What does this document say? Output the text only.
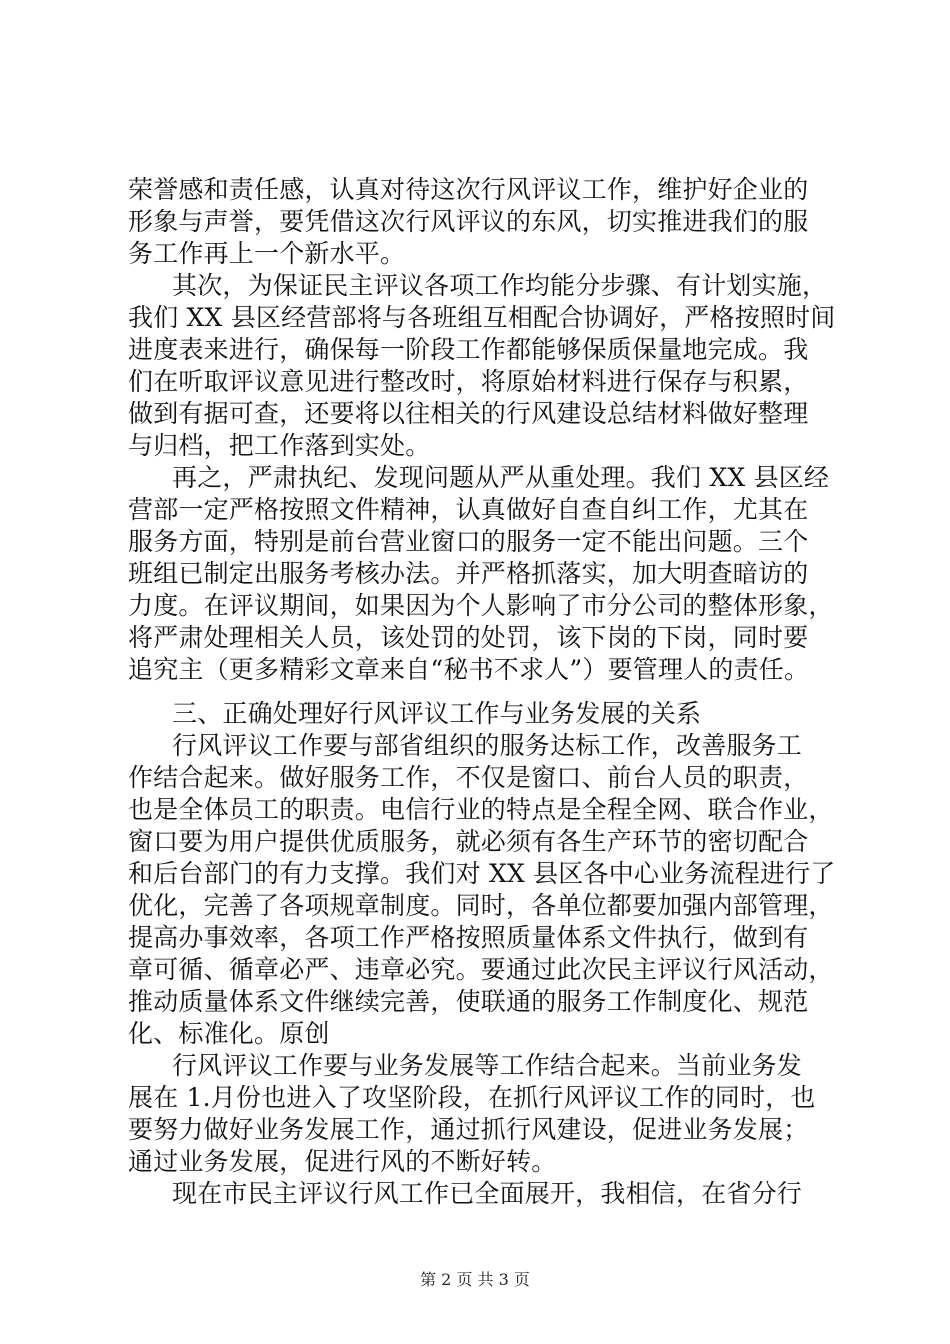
荣誉感和责任感，认真对待这次行风评议工作，维护好企业的
形象与声誉，要凭借这次行风评议的东风，切实推进我们的服
务工作再上一个新水平。
其次，为保证民主评议各项工作均能分步骤、有计划实施，
我们 XX 县区经营部将与各班组互相配合协调好，严格按照时间
进度表来进行，确保每一阶段工作都能够保质保量地完成。我
们在听取评议意见进行整改时，将原始材料进行保存与积累，
做到有据可查，还要将以往相关的行风建设总结材料做好整理
与归档，把工作落到实处。
再之，严肃执纪、发现问题从严从重处理。我们 XX 县区经
营部一定严格按照文件精神，认真做好自查自纠工作，尤其在
服务方面，特别是前台营业窗口的服务一定不能出问题。三个
班组已制定出服务考核办法。并严格抓落实，加大明查暗访的
力度。在评议期间，如果因为个人影响了市分公司的整体形象，
将严肃处理相关人员，该处罚的处罚，该下岗的下岗，同时要
追究主（更多精彩文章来自“秘书不求人”）要管理人的责任。
三、正确处理好行风评议工作与业务发展的关系
行风评议工作要与部省组织的服务达标工作，改善服务工
作结合起来。做好服务工作，不仅是窗口、前台人员的职责，
也是全体员工的职责。电信行业的特点是全程全网、联合作业，
窗口要为用户提供优质服务，就必须有各生产环节的密切配合
和后台部门的有力支撑。我们对 XX 县区各中心业务流程进行了
优化，完善了各项规章制度。同时，各单位都要加强内部管理，
提高办事效率，各项工作严格按照质量体系文件执行，做到有
章可循、循章必严、违章必究。要通过此次民主评议行风活动，
推动质量体系文件继续完善，使联通的服务工作制度化、规范
化、标准化。原创
行风评议工作要与业务发展等工作结合起来。当前业务发
展在 1.月份也进入了攻坚阶段，在抓行风评议工作的同时，也
要努力做好业务发展工作，通过抓行风建设，促进业务发展；
通过业务发展，促进行风的不断好转。
现在市民主评议行风工作已全面展开，我相信，在省分行
第 2 页 共 3 页
